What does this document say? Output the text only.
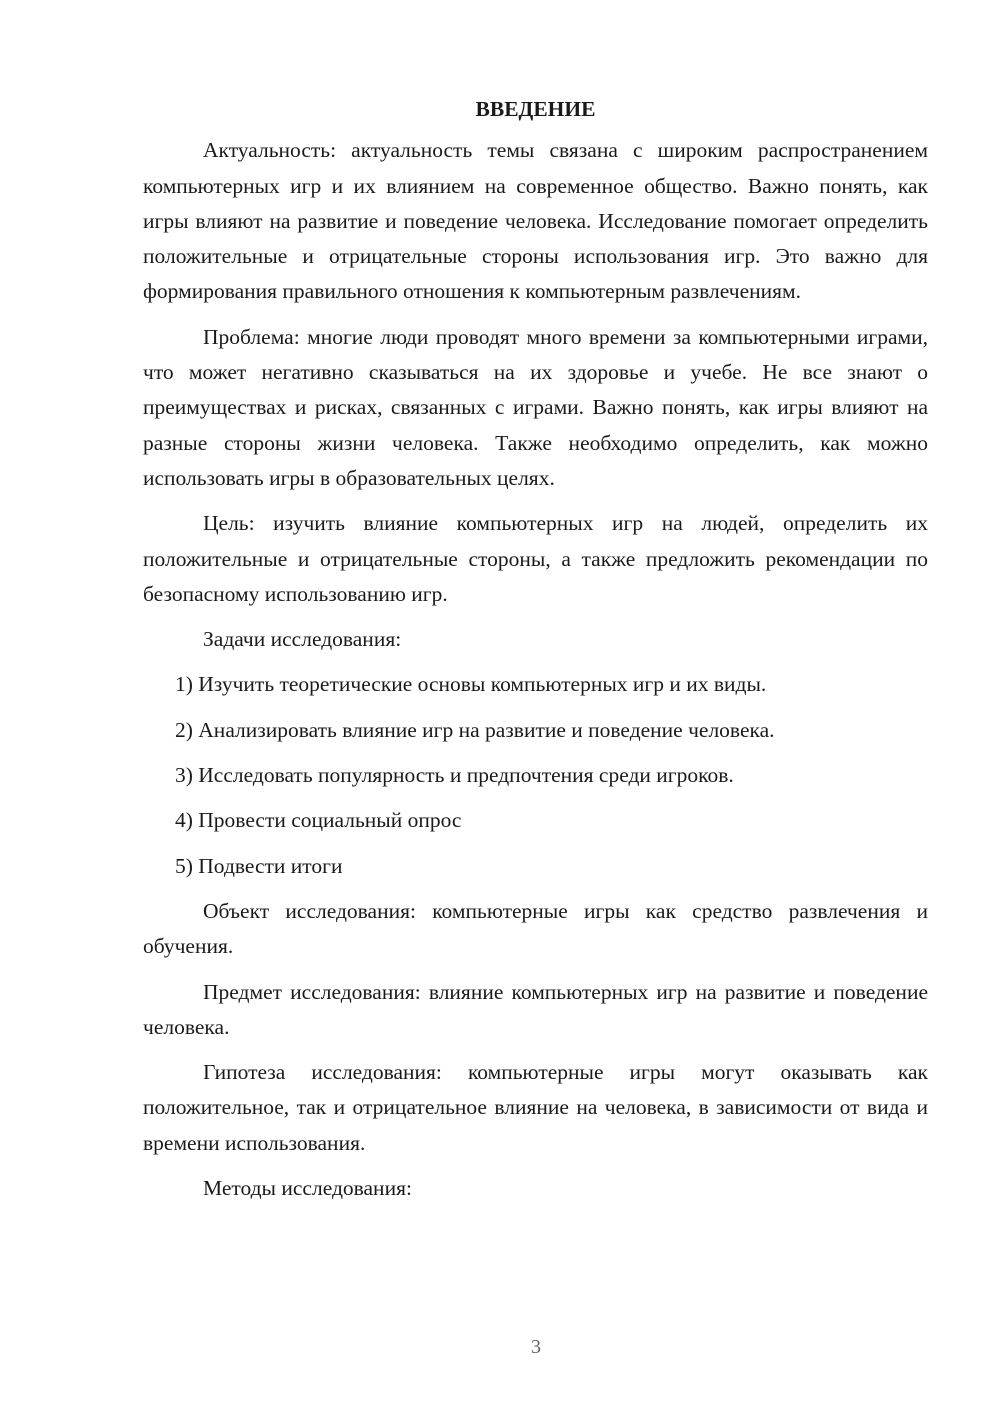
ВВЕДЕНИЕ

Актуальность: актуальность темы связана с широким распространением компьютерных игр и их влиянием на современное общество. Важно понять, как игры влияют на развитие и поведение человека. Исследование помогает определить положительные и отрицательные стороны использования игр. Это важно для формирования правильного отношения к компьютерным развлечениям.

Проблема: многие люди проводят много времени за компьютерными играми, что может негативно сказываться на их здоровье и учебе. Не все знают о преимуществах и рисках, связанных с играми. Важно понять, как игры влияют на разные стороны жизни человека. Также необходимо определить, как можно использовать игры в образовательных целях.

Цель: изучить влияние компьютерных игр на людей, определить их положительные и отрицательные стороны, а также предложить рекомендации по безопасному использованию игр.

Задачи исследования:

1) Изучить теоретические основы компьютерных игр и их виды.

2) Анализировать влияние игр на развитие и поведение человека.

3) Исследовать популярность и предпочтения среди игроков.

4) Провести социальный опрос

5) Подвести итоги

Объект исследования: компьютерные игры как средство развлечения и обучения.

Предмет исследования: влияние компьютерных игр на развитие и поведение человека.

Гипотеза исследования: компьютерные игры могут оказывать как положительное, так и отрицательное влияние на человека, в зависимости от вида и времени использования.

Методы исследования:

3
